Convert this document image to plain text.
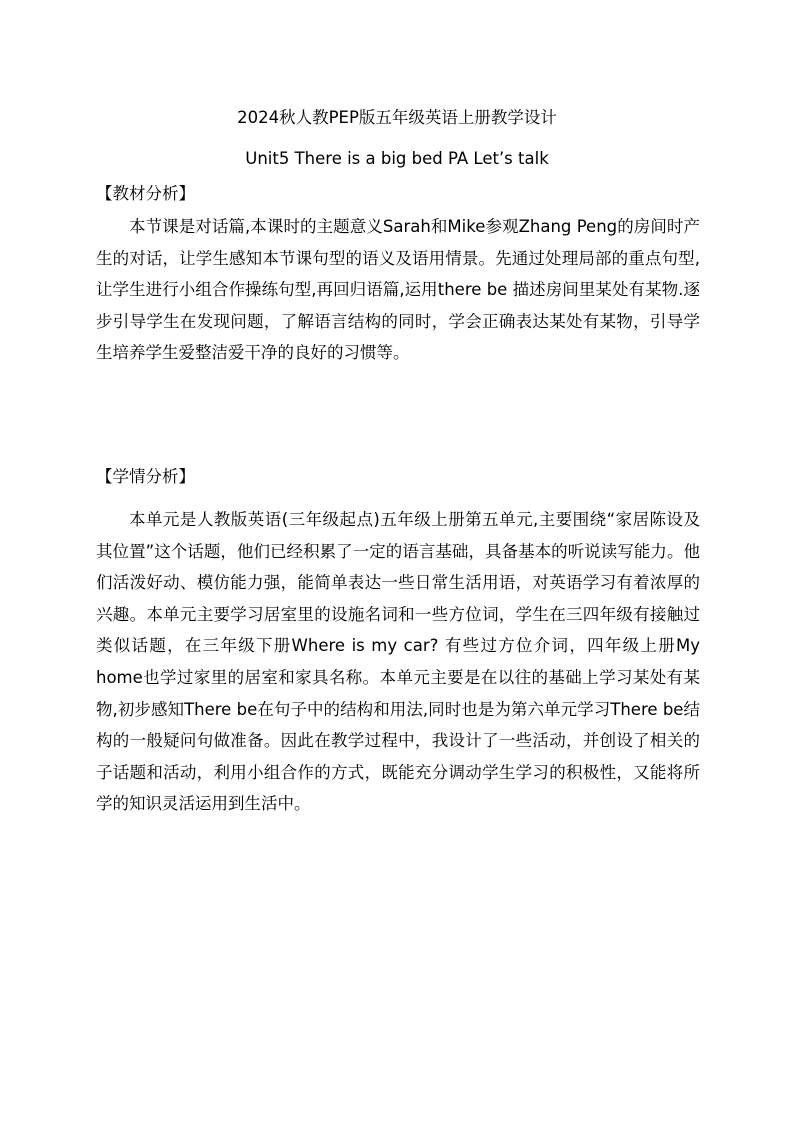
2024秋人教PEP版五年级英语上册教学设计
Unit5 There is a big bed PA Let’s talk
【教材分析】

本节课是对话篇,本课时的主题意义Sarah和Mike参观Zhang Peng的房间时产生的对话，让学生感知本节课句型的语义及语用情景。先通过处理局部的重点句型,让学生进行小组合作操练句型,再回归语篇,运用there be 描述房间里某处有某物.逐步引导学生在发现问题，了解语言结构的同时，学会正确表达某处有某物，引导学生培养学生爱整洁爱干净的良好的习惯等。

【学情分析】

本单元是人教版英语(三年级起点)五年级上册第五单元,主要围绕“家居陈设及其位置”这个话题，他们已经积累了一定的语言基础，具备基本的听说读写能力。他们活泼好动、模仿能力强，能简单表达一些日常生活用语，对英语学习有着浓厚的兴趣。本单元主要学习居室里的设施名词和一些方位词，学生在三四年级有接触过类似话题，在三年级下册Where is my car? 有些过方位介词，四年级上册My home也学过家里的居室和家具名称。本单元主要是在以往的基础上学习某处有某物,初步感知There be在句子中的结构和用法,同时也是为第六单元学习There be结构的一般疑问句做准备。因此在教学过程中，我设计了一些活动，并创设了相关的子话题和活动，利用小组合作的方式，既能充分调动学生学习的积极性，又能将所学的知识灵活运用到生活中。
